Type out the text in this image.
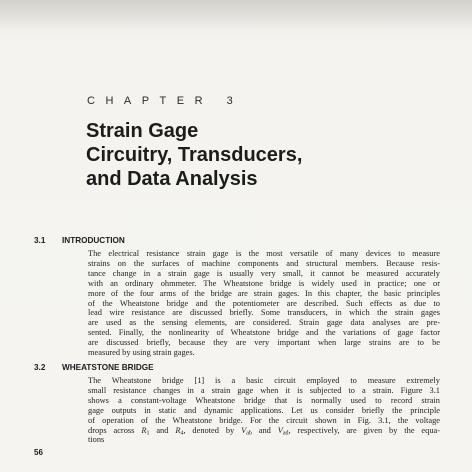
CHAPTER 3
Strain Gage
Circuitry, Transducers,
and Data Analysis
3.1 INTRODUCTION
The electrical resistance strain gage is the most versatile of many devices to measure
strains on the surfaces of machine components and structural members. Because resis-
tance change in a strain gage is usually very small, it cannot be measured accurately
with an ordinary ohmmeter. The Wheatstone bridge is widely used in practice; one or
more of the four arms of the bridge are strain gages. In this chapter, the basic principles
of the Wheatstone bridge and the potentiometer are described. Such effects as due to
lead wire resistance are discussed briefly. Some transducers, in which the strain gages
are used as the sensing elements, are considered. Strain gage data analyses are pre-
sented. Finally, the nonlinearity of Wheatstone bridge and the variations of gage factor
are discussed briefly, because they are very important when large strains are to be
measured by using strain gages.
3.2 WHEATSTONE BRIDGE
The Wheatstone bridge [1] is a basic circuit employed to measure extremely
small resistance changes in a strain gage when it is subjected to a strain. Figure 3.1
shows a constant-voltage Wheatstone bridge that is normally used to record strain
gage outputs in static and dynamic applications. Let us consider briefly the principle
of operation of the Wheatstone bridge. For the circuit shown in Fig. 3.1, the voltage
drops across $R_1$ and $R_4$, denoted by $V_{ab}$ and $V_{ad}$, respectively, are given by the equa-
tions
56
